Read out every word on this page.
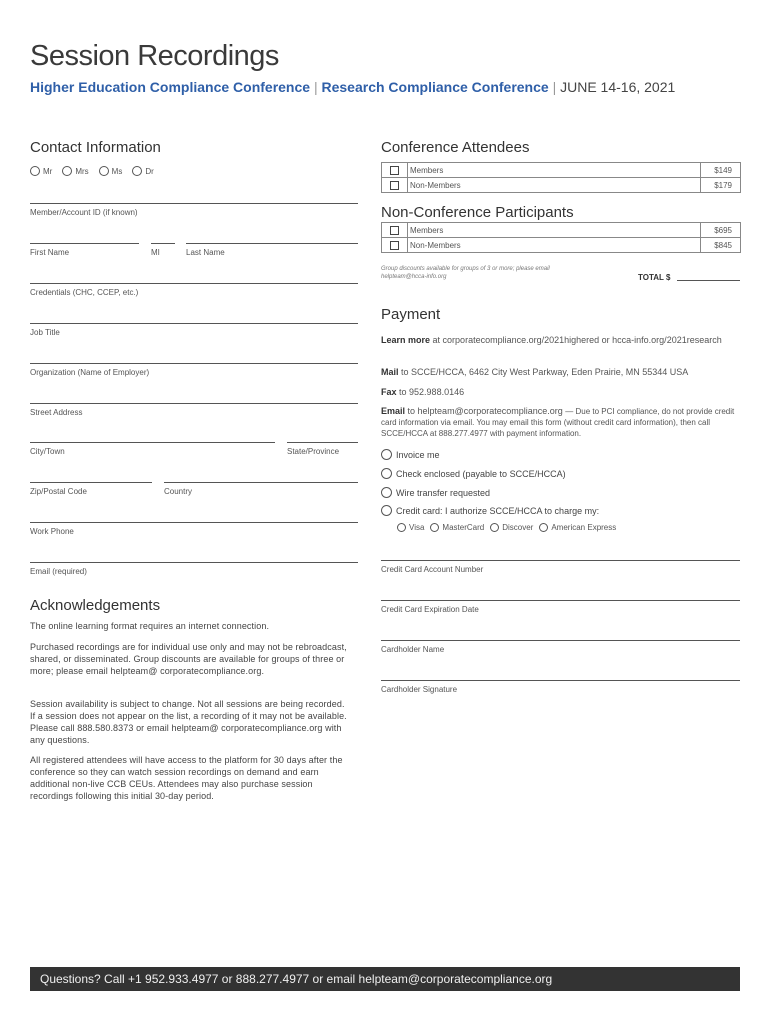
Session Recordings
Higher Education Compliance Conference | Research Compliance Conference | JUNE 14-16, 2021
Contact Information
Mr	Mrs	Ms	Dr
Member/Account ID (if known)
First Name	MI	Last Name
Credentials (CHC, CCEP, etc.)
Job Title
Organization (Name of Employer)
Street Address
City/Town	State/Province
Zip/Postal Code	Country
Work Phone
Email (required)
Conference Attendees
	Members	$149
	Non-Members	$179
Non-Conference Participants
	Members	$695
	Non-Members	$845
Group discounts available for groups of 3 or more; please email helpteam@hcca-info.org	TOTAL $
Payment
Learn more at corporatecompliance.org/2021highered or hcca-info.org/2021research
Mail to SCCE/HCCA, 6462 City West Parkway, Eden Prairie, MN 55344 USA
Fax to 952.988.0146
Email to helpteam@corporatecompliance.org — Due to PCI compliance, do not provide credit card information via email. You may email this form (without credit card information), then call SCCE/HCCA at 888.277.4977 with payment information.
Invoice me
Check enclosed (payable to SCCE/HCCA)
Wire transfer requested
Credit card: I authorize SCCE/HCCA to charge my:
Visa MasterCard Discover American Express
Credit Card Account Number
Credit Card Expiration Date
Cardholder Name
Cardholder Signature
Acknowledgements
The online learning format requires an internet connection.
Purchased recordings are for individual use only and may not be rebroadcast, shared, or disseminated. Group discounts are available for groups of three or more; please email helpteam@ corporatecompliance.org.
Session availability is subject to change. Not all sessions are being recorded. If a session does not appear on the list, a recording of it may not be available. Please call 888.580.8373 or email helpteam@ corporatecompliance.org with any questions.
All registered attendees will have access to the platform for 30 days after the conference so they can watch session recordings on demand and earn additional non-live CCB CEUs. Attendees may also purchase session recordings following this initial 30-day period.
Questions? Call +1 952.933.4977 or 888.277.4977 or email helpteam@corporatecompliance.org
